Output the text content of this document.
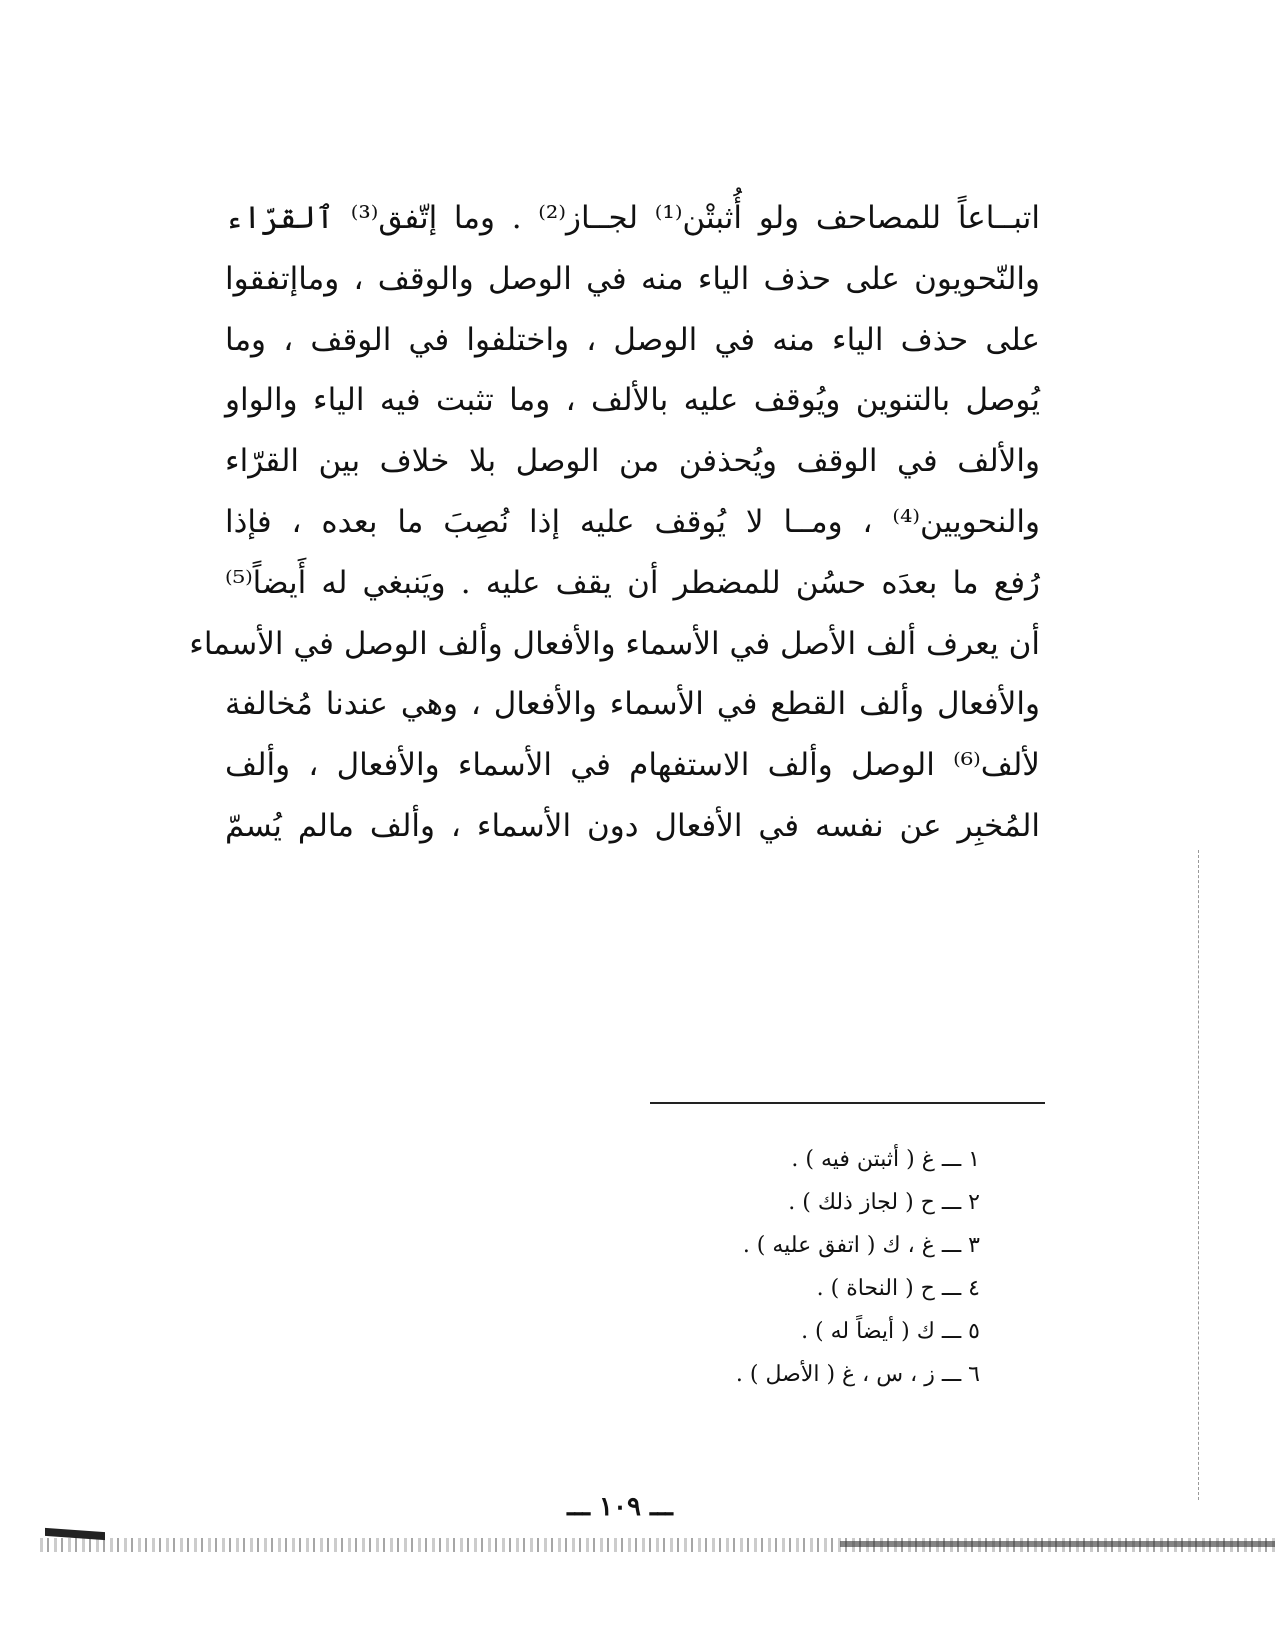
اتبــاعاً للمصاحف ولو أُثبتْن⁽¹⁾ لجــاز⁽²⁾ . وما إتّفق⁽³⁾ ٱلقرّاء
والنّحويون على حذف الياء منه في الوصل والوقف ، وماإتفقوا
على حذف الياء منه في الوصل ، واختلفوا في الوقف ، وما
يُوصل بالتنوين ويُوقف عليه بالألف ، وما تثبت فيه الياء والواو
والألف في الوقف ويُحذفن من الوصل بلا خلاف بين القرّاء
والنحويين⁽⁴⁾ ، ومــا لا يُوقف عليه إذا نُصِبَ ما بعده ، فإذا
رُفع ما بعدَه حسُن للمضطر أن يقف عليه . ويَنبغي له أَيضاً⁽⁵⁾
أن يعرف ألف الأصل في الأسماء والأفعال وألف الوصل في الأسماء
والأفعال وألف القطع في الأسماء والأفعال ، وهي عندنا مُخالفة
لألف⁽⁶⁾ الوصل وألف الاستفهام في الأسماء والأفعال ، وألف
المُخبِر عن نفسه في الأفعال دون الأسماء ، وألف مالم يُسمّ
١ ـــ غ ( أثبتن فيه ) .
٢ ـــ ح ( لجاز ذلك ) .
٣ ـــ غ ، ك ( اتفق عليه ) .
٤ ـــ ح ( النحاة ) .
٥ ـــ ك ( أيضاً له ) .
٦ ـــ ز ، س ، غ ( الأصل ) .
ـــ ١٠٩ ـــ
